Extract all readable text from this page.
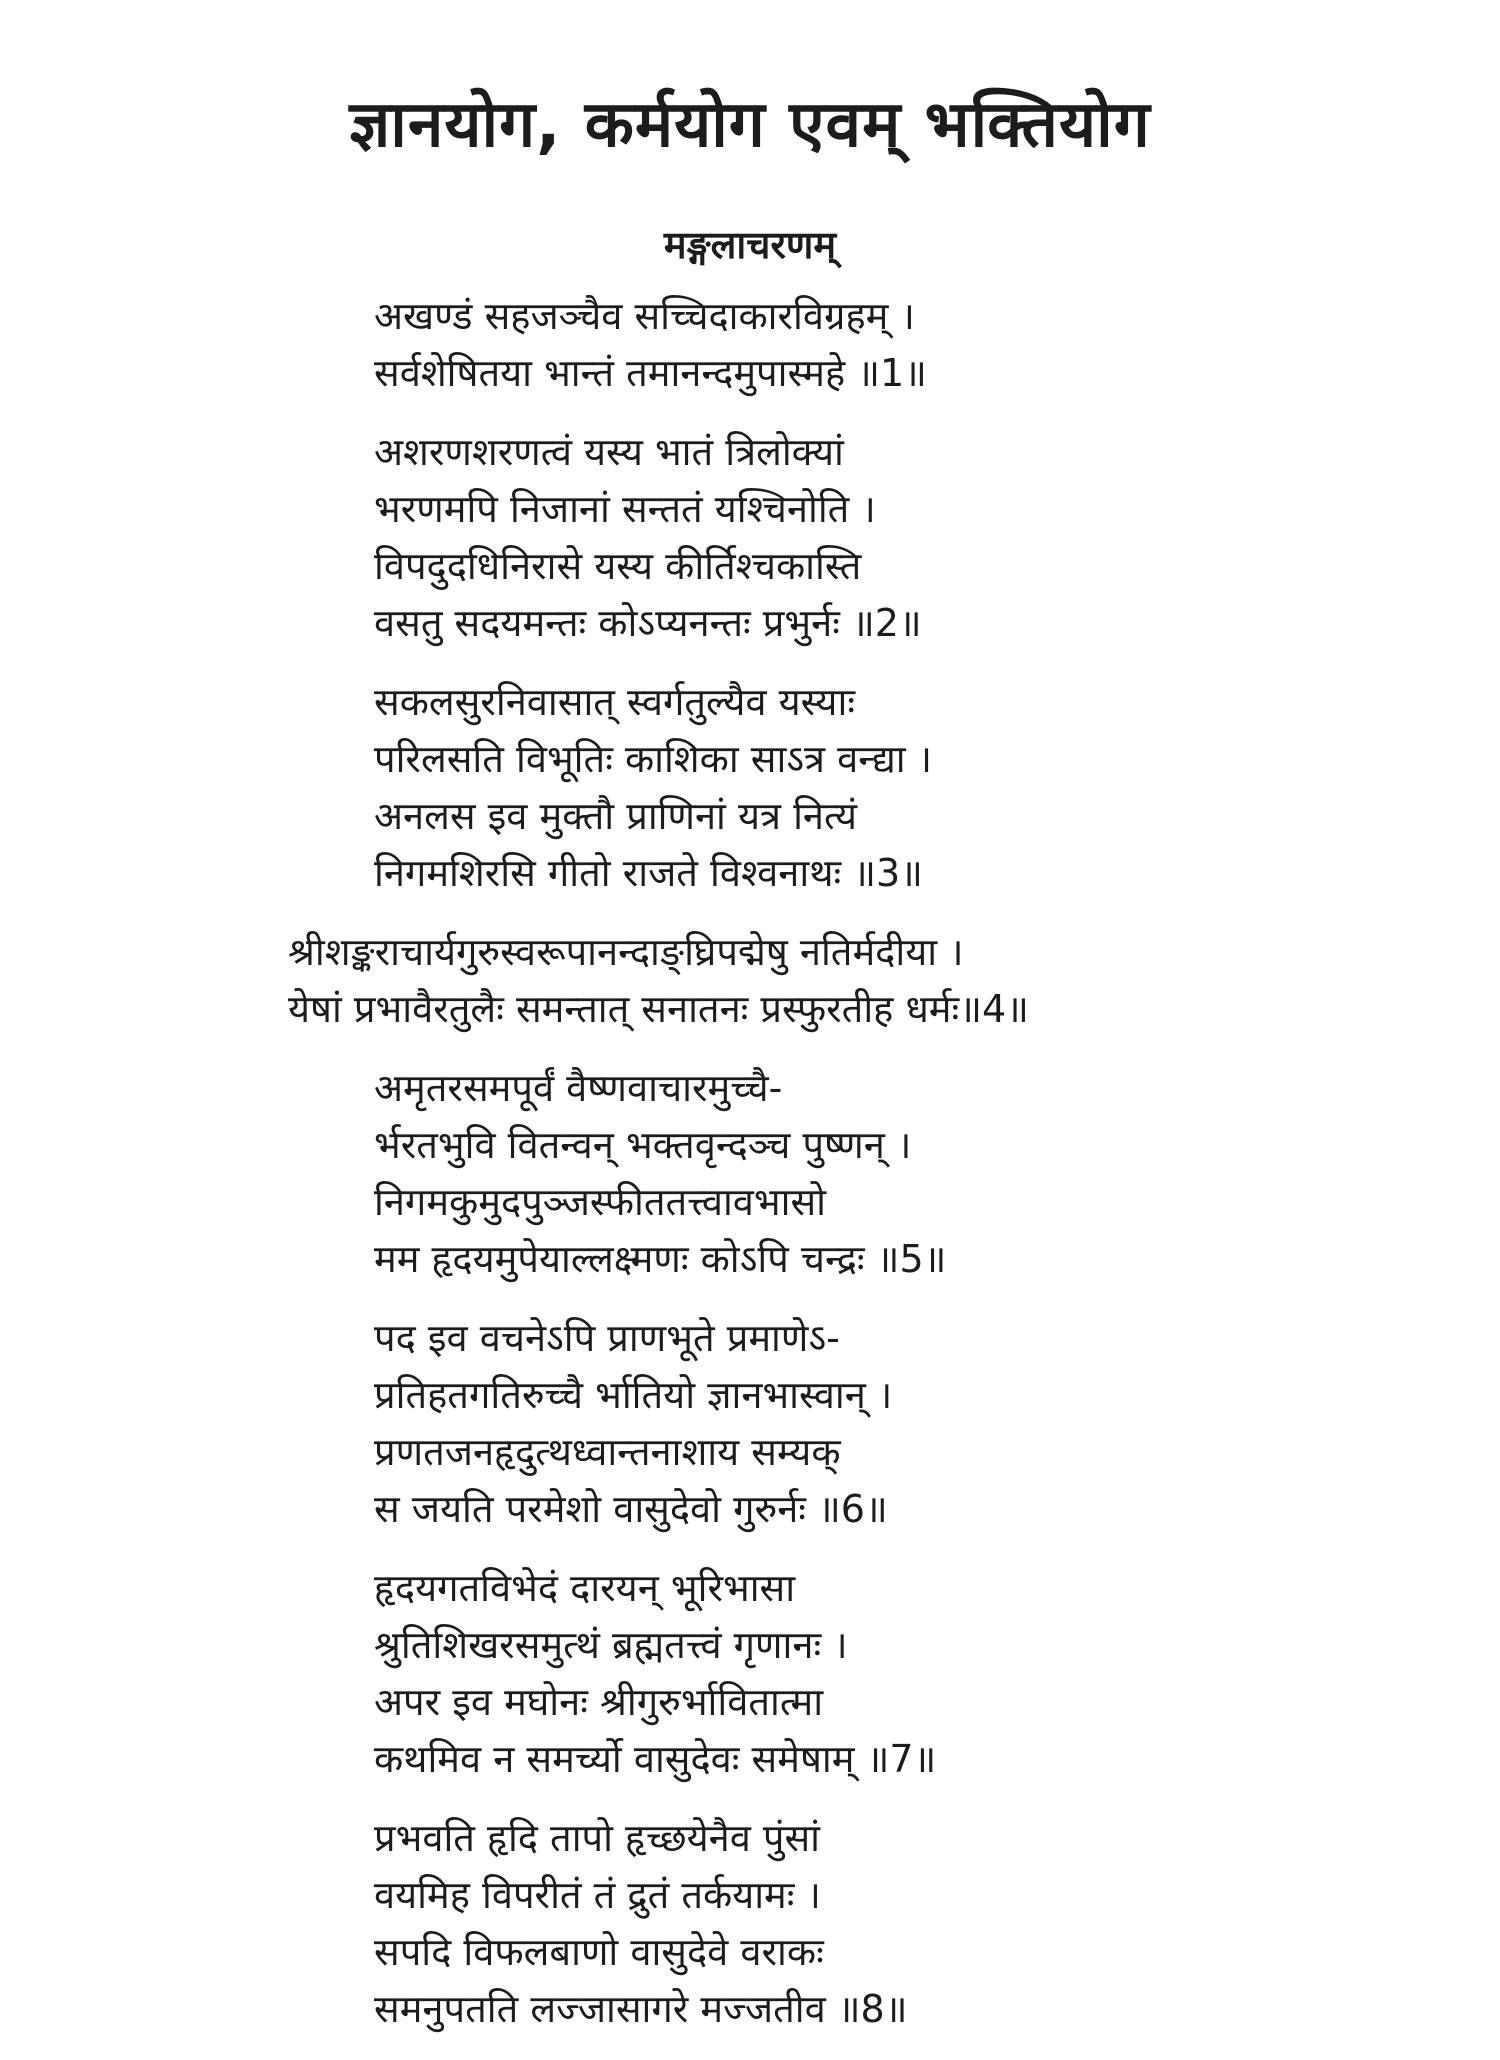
ज्ञानयोग, कर्मयोग एवम् भक्तियोग
मङ्गलाचरणम्
अखण्डं सहजञ्चैव सच्चिदाकारविग्रहम् ।
सर्वशेषितया भान्तं तमानन्दमुपास्महे ॥1॥
अशरणशरणत्वं यस्य भातं त्रिलोक्यां
भरणमपि निजानां सन्ततं यश्चिनोति ।
विपदुदधिनिरासे यस्य कीर्तिश्चकास्ति
वसतु सदयमन्तः कोऽप्यनन्तः प्रभुर्नः ॥2॥
सकलसुरनिवासात् स्वर्गतुल्यैव यस्याः
परिलसति विभूतिः काशिका साऽत्र वन्द्या ।
अनलस इव मुक्तौ प्राणिनां यत्र नित्यं
निगमशिरसि गीतो राजते विश्वनाथः ॥3॥
श्रीशङ्कराचार्यगुरुस्वरूपानन्दाङ्घ्रिपद्मेषु नतिर्मदीया ।
येषां प्रभावैरतुलैः समन्तात् सनातनः प्रस्फुरतीह धर्मः॥4॥
अमृतरसमपूर्वं वैष्णवाचारमुच्चै-
र्भरतभुवि वितन्वन् भक्तवृन्दञ्च पुष्णन् ।
निगमकुमुदपुञ्जस्फीततत्त्वावभासो
मम हृदयमुपेयाल्लक्ष्मणः कोऽपि चन्द्रः ॥5॥
पद इव वचनेऽपि प्राणभूते प्रमाणेऽ-
प्रतिहतगतिरुच्चै र्भातियो ज्ञानभास्वान् ।
प्रणतजनहृदुत्थध्वान्तनाशाय सम्यक्
स जयति परमेशो वासुदेवो गुरुर्नः ॥6॥
हृदयगतविभेदं दारयन् भूरिभासा
श्रुतिशिखरसमुत्थं ब्रह्मतत्त्वं गृणानः ।
अपर इव मघोनः श्रीगुरुर्भावितात्मा
कथमिव न समर्च्यो वासुदेवः समेषाम् ॥7॥
प्रभवति हृदि तापो हृच्छयेनैव पुंसां
वयमिह विपरीतं तं द्रुतं तर्कयामः ।
सपदि विफलबाणो वासुदेवे वराकः
समनुपतति लज्जासागरे मज्जतीव ॥8॥
